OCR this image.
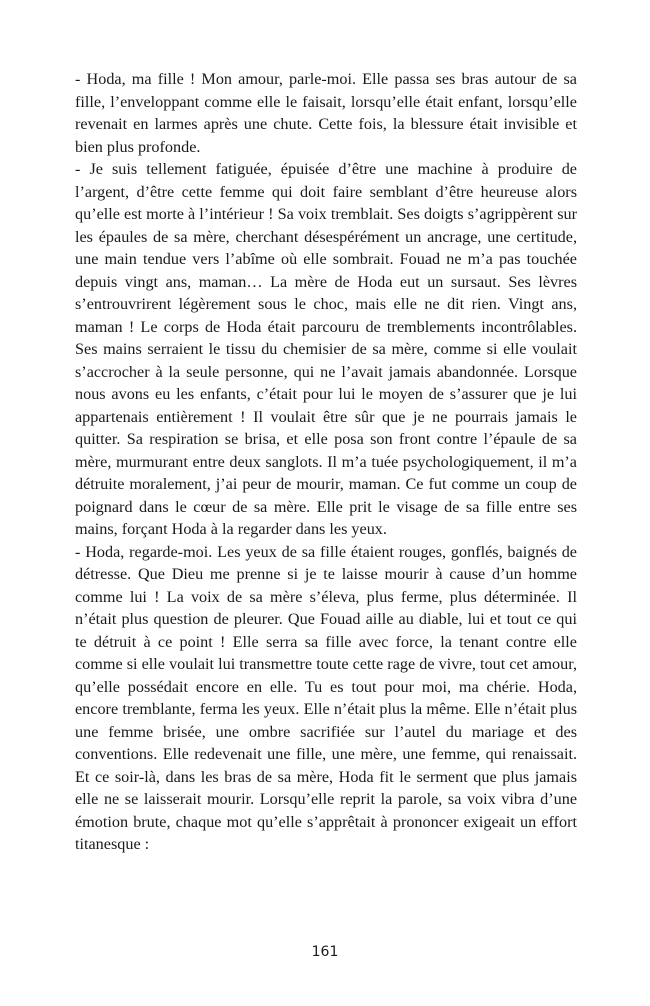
- Hoda, ma fille ! Mon amour, parle-moi. Elle passa ses bras autour de sa fille, l’enveloppant comme elle le faisait, lorsqu’elle était enfant, lorsqu’elle revenait en larmes après une chute. Cette fois, la blessure était invisible et bien plus profonde.

- Je suis tellement fatiguée, épuisée d’être une machine à produire de l’argent, d’être cette femme qui doit faire semblant d’être heureuse alors qu’elle est morte à l’intérieur ! Sa voix tremblait. Ses doigts s’agrippèrent sur les épaules de sa mère, cherchant désespérément un ancrage, une certitude, une main tendue vers l’abîme où elle sombrait. Fouad ne m’a pas touchée depuis vingt ans, maman… La mère de Hoda eut un sursaut. Ses lèvres s’entrouvrirent légèrement sous le choc, mais elle ne dit rien. Vingt ans, maman ! Le corps de Hoda était parcouru de tremblements incontrôlables. Ses mains serraient le tissu du chemisier de sa mère, comme si elle voulait s’accrocher à la seule personne, qui ne l’avait jamais abandonnée. Lorsque nous avons eu les enfants, c’était pour lui le moyen de s’assurer que je lui appartenais entièrement ! Il voulait être sûr que je ne pourrais jamais le quitter. Sa respiration se brisa, et elle posa son front contre l’épaule de sa mère, murmurant entre deux sanglots. Il m’a tuée psychologiquement, il m’a détruite moralement, j’ai peur de mourir, maman. Ce fut comme un coup de poignard dans le cœur de sa mère. Elle prit le visage de sa fille entre ses mains, forçant Hoda à la regarder dans les yeux.

- Hoda, regarde-moi. Les yeux de sa fille étaient rouges, gonflés, baignés de détresse. Que Dieu me prenne si je te laisse mourir à cause d’un homme comme lui ! La voix de sa mère s’éleva, plus ferme, plus déterminée. Il n’était plus question de pleurer. Que Fouad aille au diable, lui et tout ce qui te détruit à ce point ! Elle serra sa fille avec force, la tenant contre elle comme si elle voulait lui transmettre toute cette rage de vivre, tout cet amour, qu’elle possédait encore en elle. Tu es tout pour moi, ma chérie. Hoda, encore tremblante, ferma les yeux. Elle n’était plus la même. Elle n’était plus une femme brisée, une ombre sacrifiée sur l’autel du mariage et des conventions. Elle redevenait une fille, une mère, une femme, qui renaissait. Et ce soir-là, dans les bras de sa mère, Hoda fit le serment que plus jamais elle ne se laisserait mourir. Lorsqu’elle reprit la parole, sa voix vibra d’une émotion brute, chaque mot qu’elle s’apprêtait à prononcer exigeait un effort titanesque :

161
